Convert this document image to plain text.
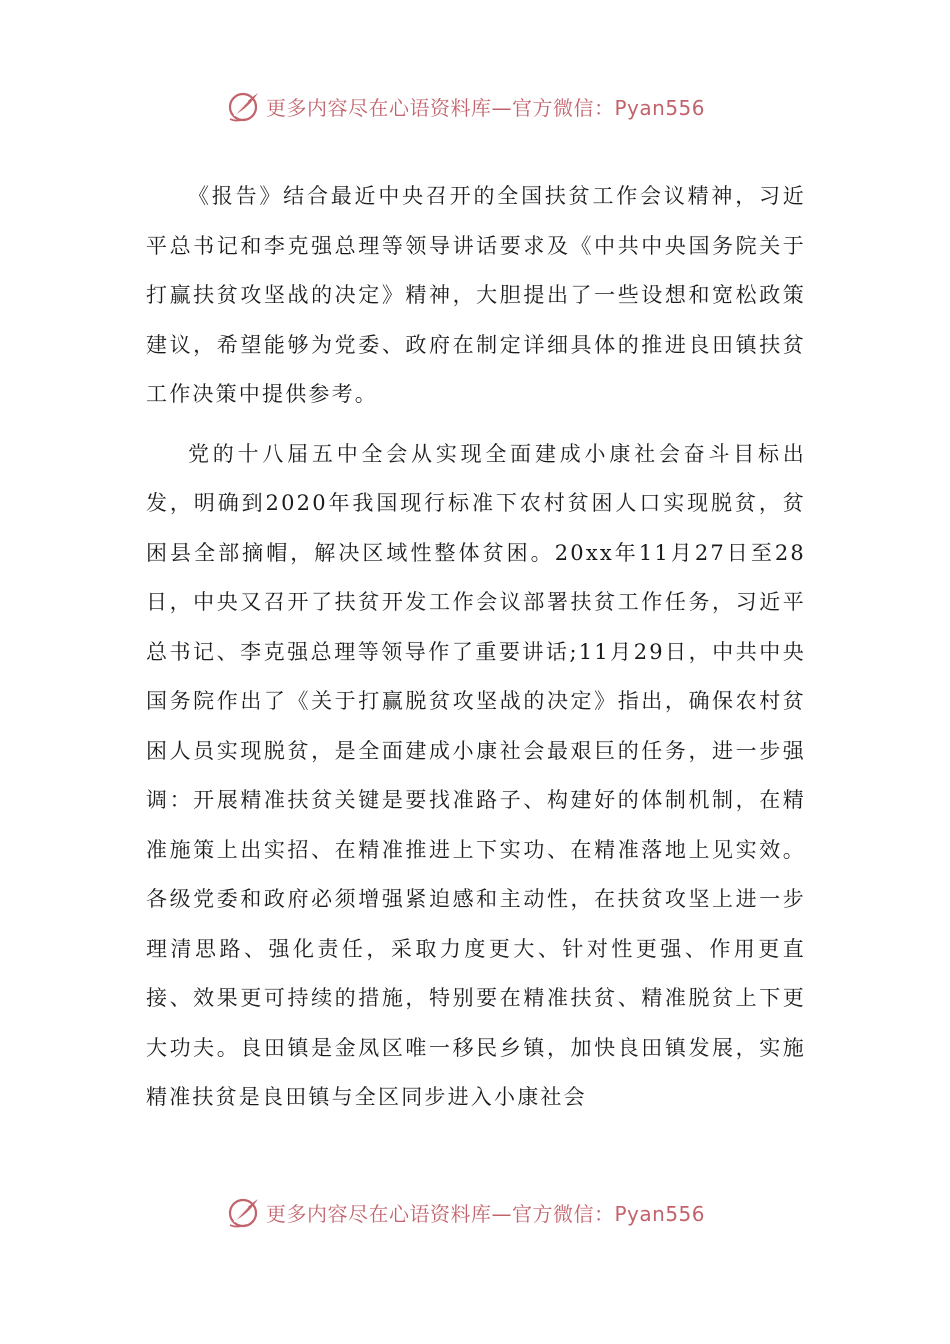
更多内容尽在心语资料库—官方微信：Pyan556

《报告》结合最近中央召开的全国扶贫工作会议精神，习近平总书记和李克强总理等领导讲话要求及《中共中央国务院关于打赢扶贫攻坚战的决定》精神，大胆提出了一些设想和宽松政策建议，希望能够为党委、政府在制定详细具体的推进良田镇扶贫工作决策中提供参考。

党的十八届五中全会从实现全面建成小康社会奋斗目标出发，明确到2020年我国现行标准下农村贫困人口实现脱贫，贫困县全部摘帽，解决区域性整体贫困。20xx年11月27日至28日，中央又召开了扶贫开发工作会议部署扶贫工作任务，习近平总书记、李克强总理等领导作了重要讲话;11月29日，中共中央国务院作出了《关于打赢脱贫攻坚战的决定》指出，确保农村贫困人员实现脱贫，是全面建成小康社会最艰巨的任务，进一步强调：开展精准扶贫关键是要找准路子、构建好的体制机制，在精准施策上出实招、在精准推进上下实功、在精准落地上见实效。各级党委和政府必须增强紧迫感和主动性，在扶贫攻坚上进一步理清思路、强化责任，采取力度更大、针对性更强、作用更直接、效果更可持续的措施，特别要在精准扶贫、精准脱贫上下更大功夫。良田镇是金凤区唯一移民乡镇，加快良田镇发展，实施精准扶贫是良田镇与全区同步进入小康社会

更多内容尽在心语资料库—官方微信：Pyan556
